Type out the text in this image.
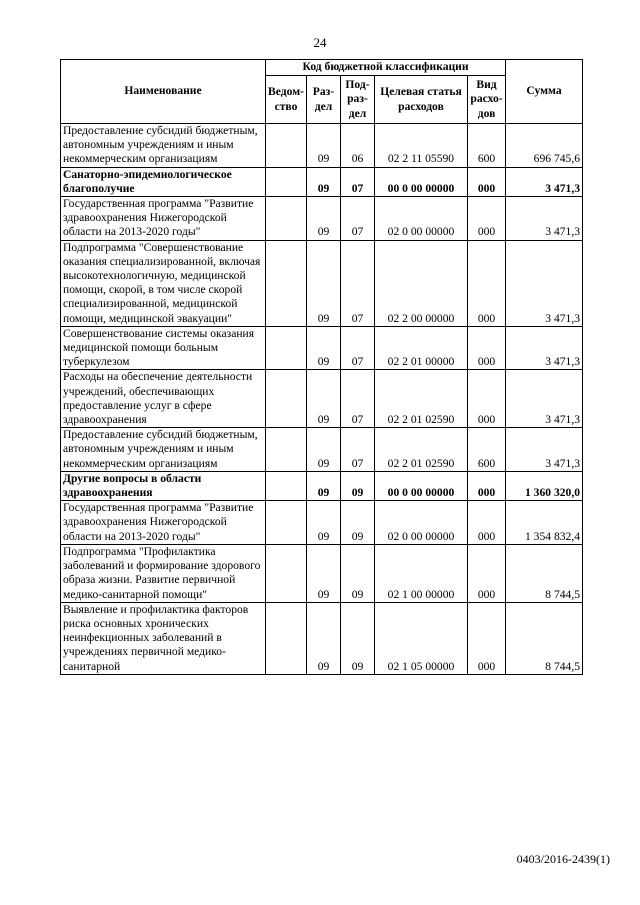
24
Наименование	Код бюджетной классификации					Сумма
	Ведом-ство	Раз-дел	Под-раз-дел	Целевая статья расходов	Вид расхо-дов	
Предоставление субсидий бюджетным, автономным учреждениям и иным некоммерческим организациям		09	06	02 2 11 05590	600	696 745,6
Санаторно-эпидемиологическое благополучие		09	07	00 0 00 00000	000	3 471,3
Государственная программа "Развитие здравоохранения Нижегородской области на 2013-2020 годы"		09	07	02 0 00 00000	000	3 471,3
Подпрограмма "Совершенствование оказания специализированной, включая высокотехнологичную, медицинской помощи, скорой, в том числе скорой специализированной, медицинской помощи, медицинской эвакуации"		09	07	02 2 00 00000	000	3 471,3
Совершенствование системы оказания медицинской помощи больным туберкулезом		09	07	02 2 01 00000	000	3 471,3
Расходы на обеспечение деятельности учреждений, обеспечивающих предоставление услуг в сфере здравоохранения		09	07	02 2 01 02590	000	3 471,3
Предоставление субсидий бюджетным, автономным учреждениям и иным некоммерческим организациям		09	07	02 2 01 02590	600	3 471,3
Другие вопросы в области здравоохранения		09	09	00 0 00 00000	000	1 360 320,0
Государственная программа "Развитие здравоохранения Нижегородской области на 2013-2020 годы"		09	09	02 0 00 00000	000	1 354 832,4
Подпрограмма "Профилактика заболеваний и формирование здорового образа жизни. Развитие первичной медико-санитарной помощи"		09	09	02 1 00 00000	000	8 744,5
Выявление и профилактика факторов риска основных хронических неинфекционных заболеваний в учреждениях первичной медико-санитарной		09	09	02 1 05 00000	000	8 744,5
0403/2016-2439(1)
